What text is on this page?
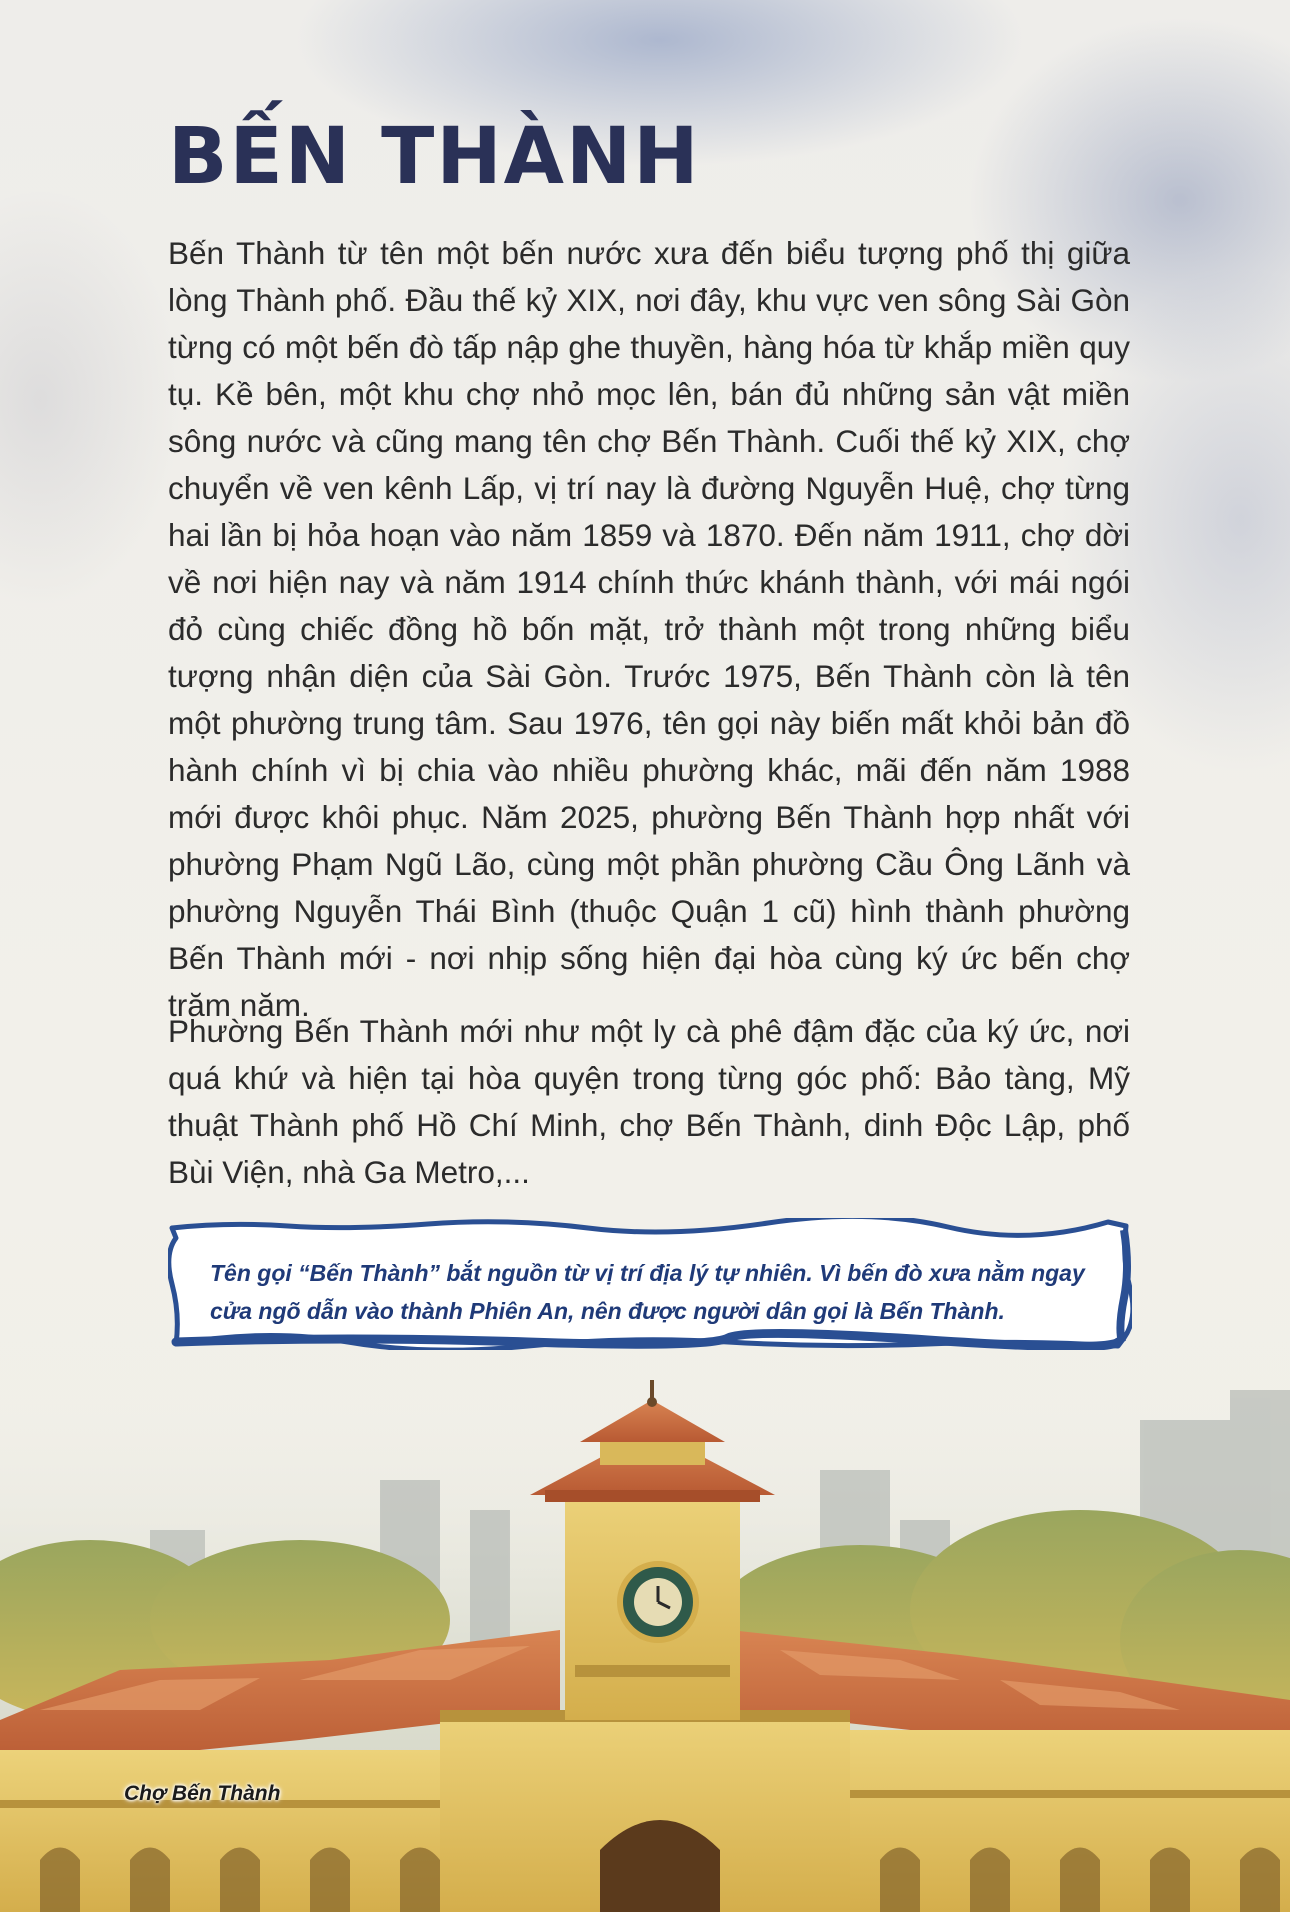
BẾN THÀNH

Bến Thành từ tên một bến nước xưa đến biểu tượng phố thị giữa lòng Thành phố. Đầu thế kỷ XIX, nơi đây, khu vực ven sông Sài Gòn từng có một bến đò tấp nập ghe thuyền, hàng hóa từ khắp miền quy tụ. Kề bên, một khu chợ nhỏ mọc lên, bán đủ những sản vật miền sông nước và cũng mang tên chợ Bến Thành. Cuối thế kỷ XIX, chợ chuyển về ven kênh Lấp, vị trí nay là đường Nguyễn Huệ, chợ từng hai lần bị hỏa hoạn vào năm 1859 và 1870. Đến năm 1911, chợ dời về nơi hiện nay và năm 1914 chính thức khánh thành, với mái ngói đỏ cùng chiếc đồng hồ bốn mặt, trở thành một trong những biểu tượng nhận diện của Sài Gòn. Trước 1975, Bến Thành còn là tên một phường trung tâm. Sau 1976, tên gọi này biến mất khỏi bản đồ hành chính vì bị chia vào nhiều phường khác, mãi đến năm 1988 mới được khôi phục. Năm 2025, phường Bến Thành hợp nhất với phường Phạm Ngũ Lão, cùng một phần phường Cầu Ông Lãnh và phường Nguyễn Thái Bình (thuộc Quận 1 cũ) hình thành phường Bến Thành mới - nơi nhịp sống hiện đại hòa cùng ký ức bến chợ trăm năm.

Phường Bến Thành mới như một ly cà phê đậm đặc của ký ức, nơi quá khứ và hiện tại hòa quyện trong từng góc phố: Bảo tàng, Mỹ thuật Thành phố Hồ Chí Minh, chợ Bến Thành, dinh Độc Lập, phố Bùi Viện, nhà Ga Metro,...

Tên gọi “Bến Thành” bắt nguồn từ vị trí địa lý tự nhiên. Vì bến đò xưa nằm ngay cửa ngõ dẫn vào thành Phiên An, nên được người dân gọi là Bến Thành.

Chợ Bến Thành
